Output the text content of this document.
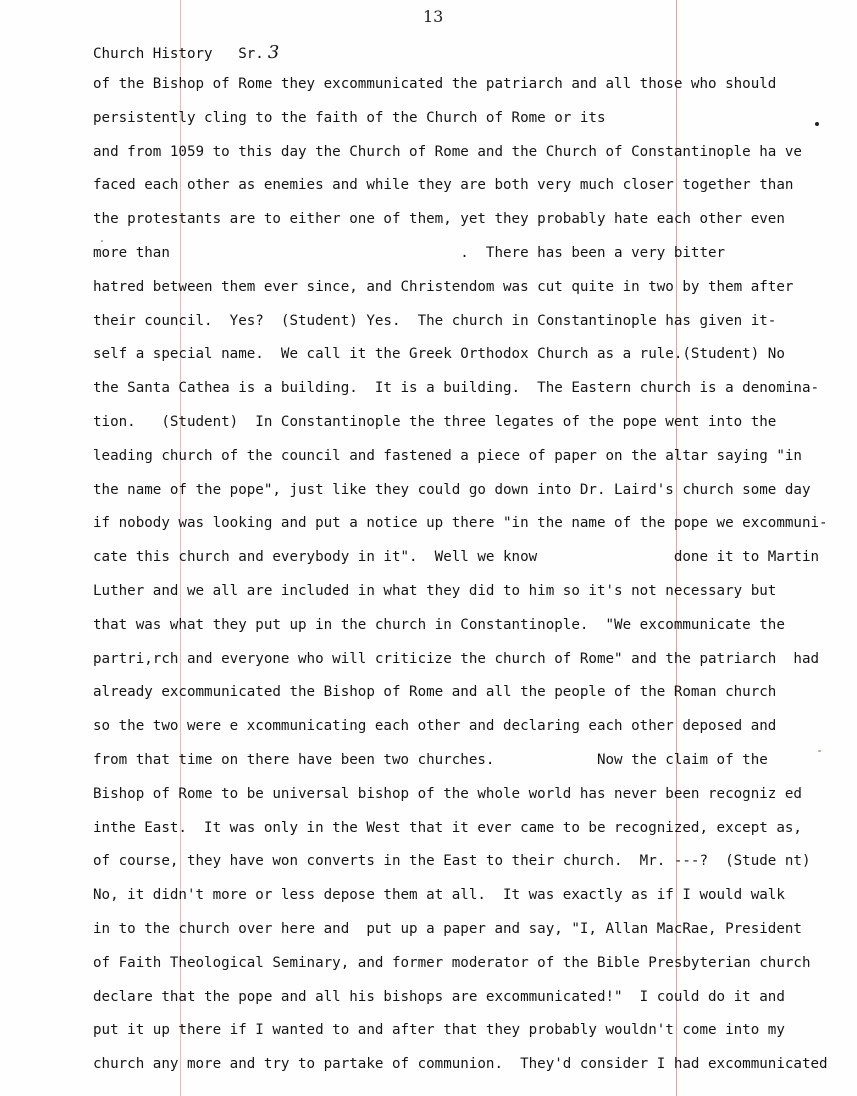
13
Church History   Sr. 3
of the Bishop of Rome they excommunicated the patriarch and all those who should
persistently cling to the faith of the Church of Rome or its
and from 1059 to this day the Church of Rome and the Church of Constantinople ha ve
faced each other as enemies and while they are both very much closer together than
the protestants are to either one of them, yet they probably hate each other even
more than                                  .  There has been a very bitter
hatred between them ever since, and Christendom was cut quite in two by them after
their council.  Yes?  (Student) Yes.  The church in Constantinople has given it-
self a special name.  We call it the Greek Orthodox Church as a rule.(Student) No
the Santa Cathea is a building.  It is a building.  The Eastern church is a denomina-
tion.   (Student)  In Constantinople the three legates of the pope went into the
leading church of the council and fastened a piece of paper on the altar saying "in
the name of the pope", just like they could go down into Dr. Laird's church some day
if nobody was looking and put a notice up there "in the name of the pope we excommuni-
cate this church and everybody in it".  Well we know                done it to Martin
Luther and we all are included in what they did to him so it's not necessary but
that was what they put up in the church in Constantinople.  "We excommunicate the
partri,rch and everyone who will criticize the church of Rome" and the patriarch  had
already excommunicated the Bishop of Rome and all the people of the Roman church
so the two were e xcommunicating each other and declaring each other deposed and
from that time on there have been two churches.            Now the claim of the
Bishop of Rome to be universal bishop of the whole world has never been recogniz ed
inthe East.  It was only in the West that it ever came to be recognized, except as,
of course, they have won converts in the East to their church.  Mr. ---?  (Stude nt)
No, it didn't more or less depose them at all.  It was exactly as if I would walk
in to the church over here and  put up a paper and say, "I, Allan MacRae, President
of Faith Theological Seminary, and former moderator of the Bible Presbyterian church
declare that the pope and all his bishops are excommunicated!"  I could do it and
put it up there if I wanted to and after that they probably wouldn't come into my
church any more and try to partake of communion.  They'd consider I had excommunicated
